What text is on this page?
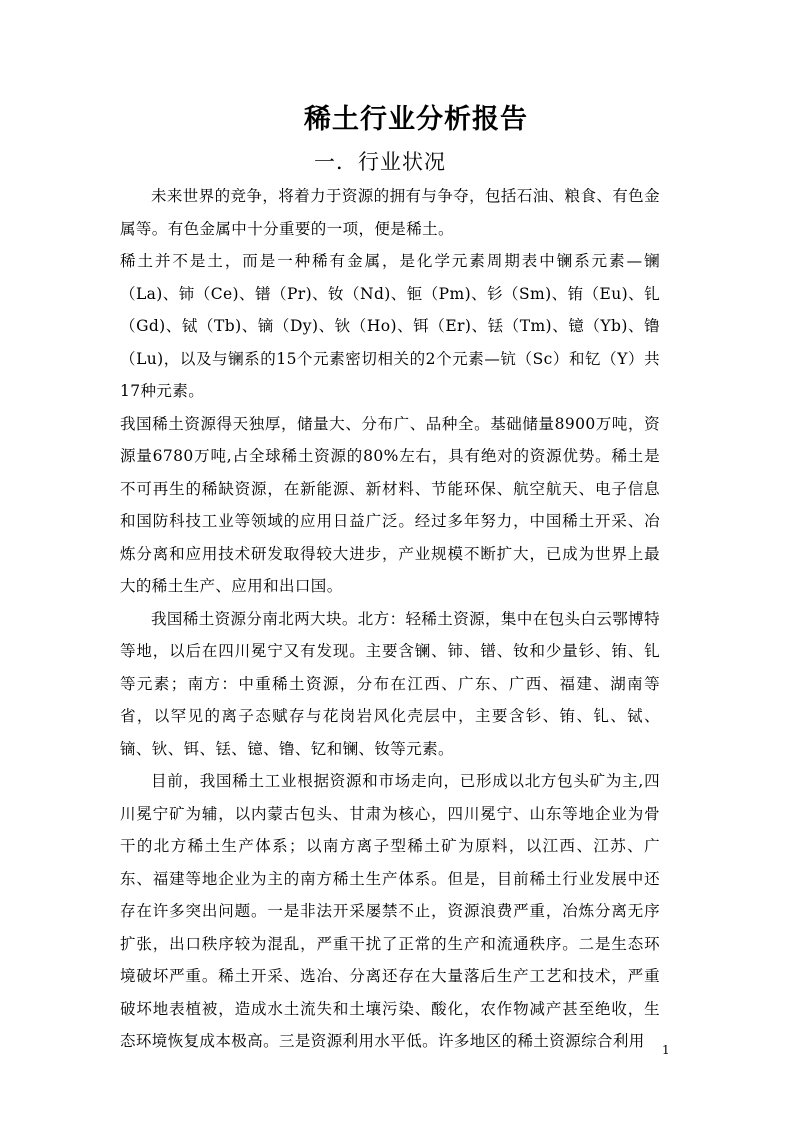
稀土行业分析报告
一．行业状况

未来世界的竞争，将着力于资源的拥有与争夺，包括石油、粮食、有色金属等。有色金属中十分重要的一项，便是稀土。

稀土并不是土，而是一种稀有金属，是化学元素周期表中镧系元素—镧（La)、铈（Ce)、镨（Pr)、钕（Nd)、钷（Pm)、钐（Sm)、铕（Eu)、钆（Gd)、铽（Tb)、镝（Dy)、钬（Ho)、铒（Er)、铥（Tm)、镱（Yb)、镥（Lu)，以及与镧系的15个元素密切相关的2个元素—钪（Sc）和钇（Y）共17种元素。

我国稀土资源得天独厚，储量大、分布广、品种全。基础储量8900万吨，资源量6780万吨,占全球稀土资源的80%左右，具有绝对的资源优势。稀土是不可再生的稀缺资源，在新能源、新材料、节能环保、航空航天、电子信息和国防科技工业等领域的应用日益广泛。经过多年努力，中国稀土开采、冶炼分离和应用技术研发取得较大进步，产业规模不断扩大，已成为世界上最大的稀土生产、应用和出口国。

我国稀土资源分南北两大块。北方：轻稀土资源，集中在包头白云鄂博特等地，以后在四川冕宁又有发现。主要含镧、铈、镨、钕和少量钐、铕、钆等元素；南方：中重稀土资源，分布在江西、广东、广西、福建、湖南等省，以罕见的离子态赋存与花岗岩风化壳层中，主要含钐、铕、钆、铽、镝、钬、铒、铥、镱、镥、钇和镧、钕等元素。

目前，我国稀土工业根据资源和市场走向，已形成以北方包头矿为主,四川冕宁矿为辅，以内蒙古包头、甘肃为核心，四川冕宁、山东等地企业为骨干的北方稀土生产体系；以南方离子型稀土矿为原料，以江西、江苏、广东、福建等地企业为主的南方稀土生产体系。但是，目前稀土行业发展中还存在许多突出问题。一是非法开采屡禁不止，资源浪费严重，冶炼分离无序扩张，出口秩序较为混乱，严重干扰了正常的生产和流通秩序。二是生态环境破坏严重。稀土开采、选冶、分离还存在大量落后生产工艺和技术，严重破坏地表植被，造成水土流失和土壤污染、酸化，农作物减产甚至绝收，生态环境恢复成本极高。三是资源利用水平低。许多地区的稀土资源综合利用	1
